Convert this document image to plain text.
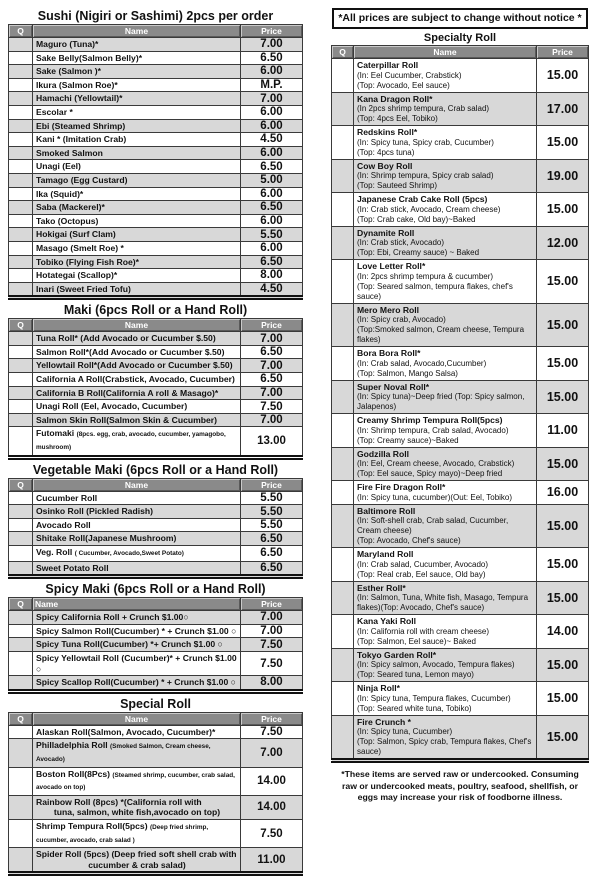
Sushi (Nigiri or Sashimi) 2pcs per order
Q	Name	Price
	Maguro (Tuna)*	7.00
	Sake Belly(Salmon Belly)*	6.50
	Sake (Salmon )*	6.00
	Ikura (Salmon Roe)*	M.P.
	Hamachi (Yellowtail)*	7.00
	Escolar *	6.00
	Ebi (Steamed Shrimp)	6.00
	Kani * (Imitation Crab)	4.50
	Smoked Salmon	6.00
	Unagi (Eel)	6.50
	Tamago (Egg Custard)	5.00
	Ika (Squid)*	6.00
	Saba (Mackerel)*	6.50
	Tako (Octopus)	6.00
	Hokigai (Surf Clam)	5.50
	Masago (Smelt Roe) *	6.00
	Tobiko (Flying Fish Roe)*	6.50
	Hotategai (Scallop)*	8.00
	Inari (Sweet Fried Tofu)	4.50
Maki (6pcs Roll or a Hand Roll)
Q	Name	Price
	Tuna Roll* (Add Avocado or Cucumber $.50)	7.00
	Salmon Roll*(Add Avocado or Cucumber $.50)	6.50
	Yellowtail Roll*(Add Avocado or Cucumber $.50)	7.00
	California A Roll(Crabstick, Avocado, Cucumber)	6.50
	California B Roll(California A roll & Masago)*	7.00
	Unagi Roll (Eel, Avocado, Cucumber)	7.50
	Salmon Skin Roll(Salmon Skin & Cucumber)	7.00
	Futomaki (8pcs. egg, crab, avocado, cucumber, yamagobo, mushroom)	13.00
Vegetable Maki (6pcs Roll or a Hand Roll)
Q	Name	Price
	Cucumber Roll	5.50
	Osinko Roll (Pickled Radish)	5.50
	Avocado Roll	5.50
	Shitake Roll(Japanese Mushroom)	6.50
	Veg. Roll ( Cucumber, Avocado,Sweet Potato)	6.50
	Sweet Potato Roll	6.50
Spicy Maki (6pcs Roll or a Hand Roll)
Q	Name	Price
	Spicy California Roll + Crunch $1.00○	7.00
	Spicy Salmon Roll(Cucumber) * + Crunch $1.00 ○	7.00
	Spicy Tuna Roll(Cucumber) *+ Crunch $1.00 ○	7.50
	Spicy Yellowtail Roll (Cucumber)* + Crunch $1.00 ○	7.50
	Spicy Scallop Roll(Cucumber) * + Crunch $1.00 ○	8.00
Special Roll
Q	Name	Price
	Alaskan Roll(Salmon, Avocado, Cucumber)*	7.50
	Philladelphia Roll (Smoked Salmon, Cream cheese, Avocado)	7.00
	Boston Roll(8Pcs) (Steamed shrimp, cucumber, crab salad, avocado on top)	14.00
	Rainbow Roll (8pcs) *(California roll with
tuna, salmon, white fish,avocado on top)	14.00
	Shrimp Tempura Roll(5pcs) (Deep fried shrimp, cucumber, avocado, crab salad )	7.50
	Spider Roll (5pcs) (Deep fried soft shell crab with
cucumber & crab salad)	11.00
*All prices are subject to change without notice *
Specialty Roll
Q	Name	Price

	Caterpillar Roll
(In: Eel Cucumber, Crabstick)
(Top: Avocado, Eel sauce)	15.00

	Kana Dragon Roll*
(In 2pcs shrimp tempura, Crab salad)
(Top: 4pcs Eel, Tobiko)	17.00

	Redskins Roll*
(In: Spicy tuna, Spicy crab, Cucumber)
(Top: 4pcs tuna)	15.00

	Cow Boy Roll
(In: Shrimp tempura, Spicy crab salad)
(Top: Sauteed Shrimp)	19.00

	Japanese Crab Cake Roll (5pcs)
(In: Crab stick, Avocado, Cream cheese)
(Top: Crab cake, Old bay)~Baked	15.00

	Dynamite Roll
(In: Crab stick, Avocado)
(Top: Ebi, Creamy sauce) ~ Baked	12.00

	Love Letter Roll*
(In: 2pcs shrimp tempura & cucumber)
(Top: Seared salmon, tempura flakes, chef's sauce)	15.00

	Mero Mero Roll
(In: Spicy crab, Avocado)
(Top:Smoked salmon, Cream cheese, Tempura flakes)	15.00

	Bora Bora Roll*
(In: Crab salad, Avocado,Cucumber)
(Top: Salmon, Mango Salsa)	15.00

	Super Noval Roll*
(In: Spicy tuna)~Deep fried (Top: Spicy salmon, Jalapenos)	15.00

	Creamy Shrimp Tempura Roll(5pcs)
(In: Shrimp tempura, Crab salad, Avocado)
(Top: Creamy sauce)~Baked	11.00

	Godzilla Roll
(In: Eel, Cream cheese, Avocado, Crabstick)
(Top: Eel sauce, Spicy mayo)~Deep fried	15.00

	Fire Fire Dragon Roll*
(In: Spicy tuna, cucumber)(Out: Eel, Tobiko)	16.00

	Baltimore Roll
(In: Soft-shell crab, Crab salad, Cucumber, Cream cheese)
(Top: Avocado, Chef's sauce)	15.00

	Maryland Roll
(In: Crab salad, Cucumber, Avocado)
(Top: Real crab, Eel sauce, Old bay)	15.00

	Esther Roll*
(In: Salmon, Tuna, White fish, Masago, Tempura flakes)(Top: Avocado, Chef's sauce)	15.00

	Kana Yaki Roll
(In: California roll with cream cheese)
(Top: Salmon, Eel sauce)~ Baked	14.00

	Tokyo Garden Roll*
(In: Spicy salmon, Avocado, Tempura flakes)
(Top: Seared tuna, Lemon mayo)	15.00

	Ninja Roll*
(In: Spicy tuna, Tempura flakes, Cucumber)
(Top: Seared white tuna, Tobiko)	15.00

	Fire Crunch *
(In: Spicy tuna, Cucumber)
(Top: Salmon, Spicy crab, Tempura flakes, Chef's sauce)	15.00
*These items are served raw or undercooked. Consuming raw or undercooked meats, poultry, seafood, shellfish, or eggs may increase your risk of foodborne illness.
